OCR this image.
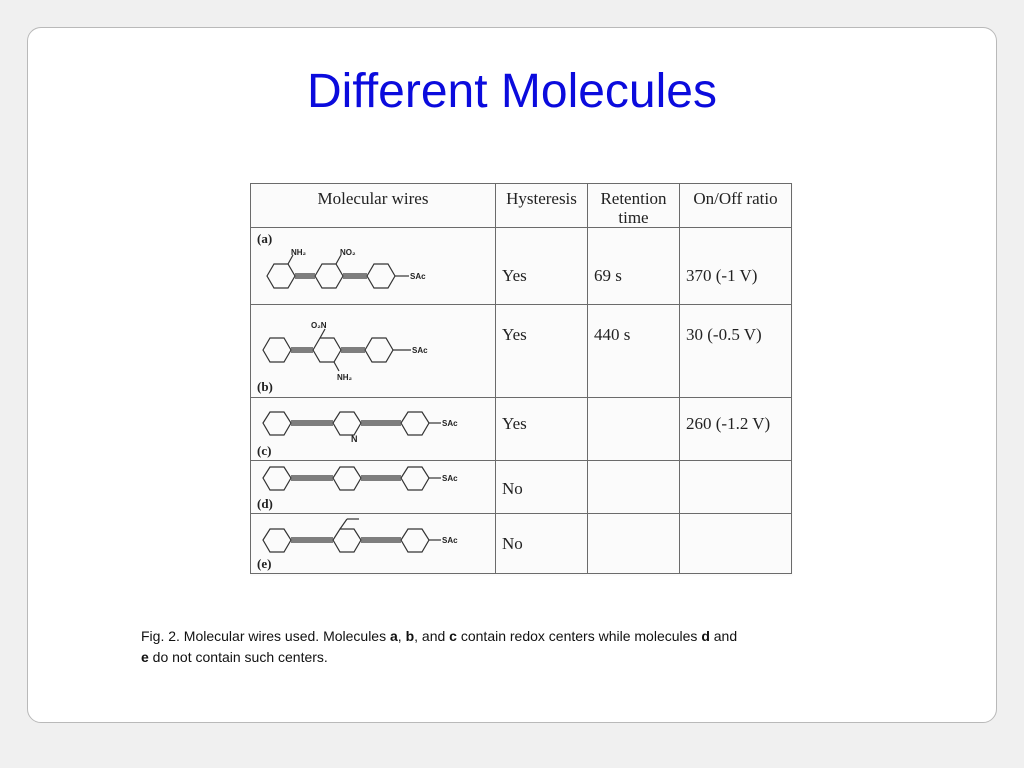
Different Molecules
Molecular wires	Hysteresis	Retention time	On/Off ratio

(a)
NH₂ NO₂
SAc	Yes	69 s	370 (-1 V)

O₂N
NH₂
SAc
(b)	Yes	440 s	30 (-0.5 V)

N
SAc
(c)	Yes		260 (-1.2 V)

SAc
(d)	No		

SAc
(e)	No		

Fig. 2. Molecular wires used. Molecules a, b, and c contain redox centers while molecules d and
e do not contain such centers.
